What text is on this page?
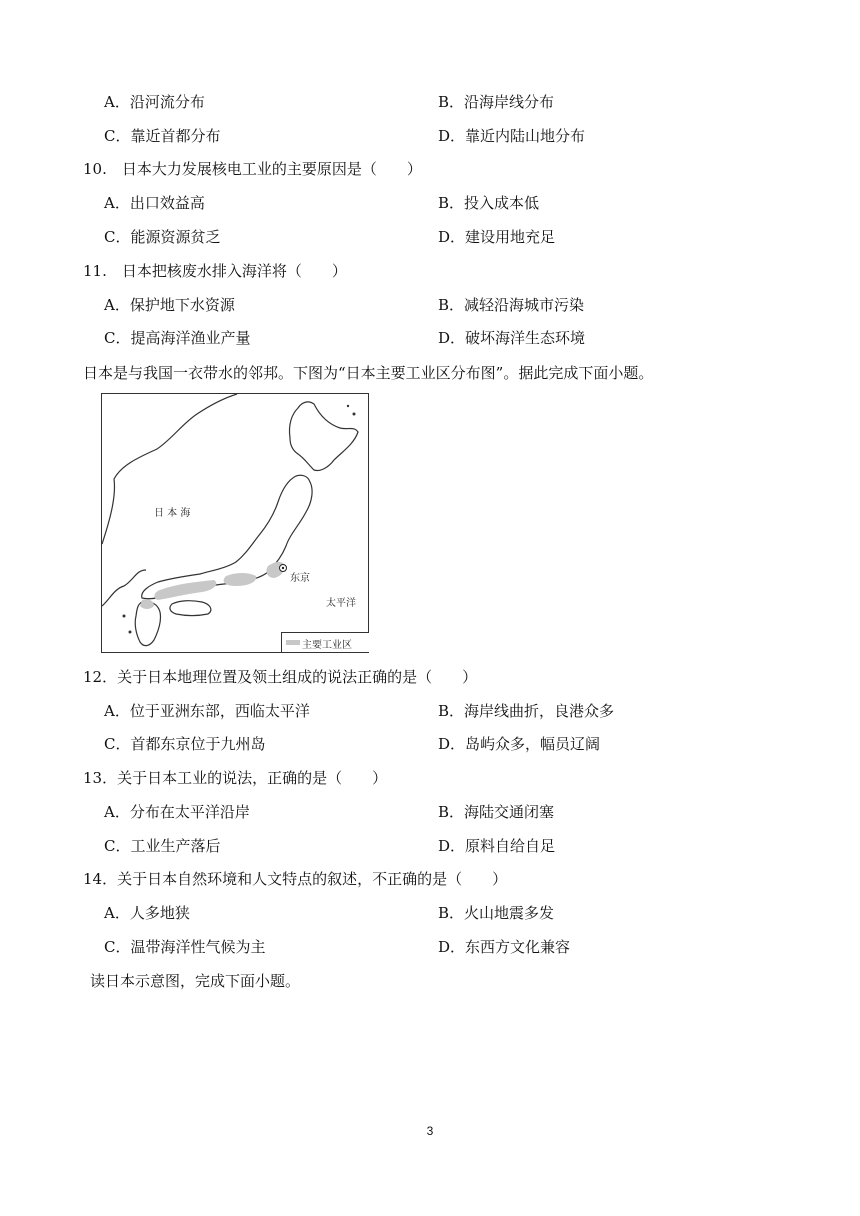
A．沿河流分布	B．沿海岸线分布
C．靠近首都分布	D．靠近内陆山地分布
10.　日本大力发展核电工业的主要原因是（　　）
A．出口效益高	B．投入成本低
C．能源资源贫乏	D．建设用地充足
11.　日本把核废水排入海洋将（　　）
A．保护地下水资源	B．减轻沿海城市污染
C．提高海洋渔业产量	D．破坏海洋生态环境
日本是与我国一衣带水的邻邦。下图为“日本主要工业区分布图”。据此完成下面小题。
日 本 海
东京
太平洋
主要工业区
12．关于日本地理位置及领土组成的说法正确的是（　　）
A．位于亚洲东部，西临太平洋	B．海岸线曲折，良港众多
C．首都东京位于九州岛	D．岛屿众多，幅员辽阔
13．关于日本工业的说法，正确的是（　　）
A．分布在太平洋沿岸	B．海陆交通闭塞
C．工业生产落后	D．原料自给自足
14．关于日本自然环境和人文特点的叙述，不正确的是（　　）
A．人多地狭	B．火山地震多发
C．温带海洋性气候为主	D．东西方文化兼容
读日本示意图，完成下面小题。
3
